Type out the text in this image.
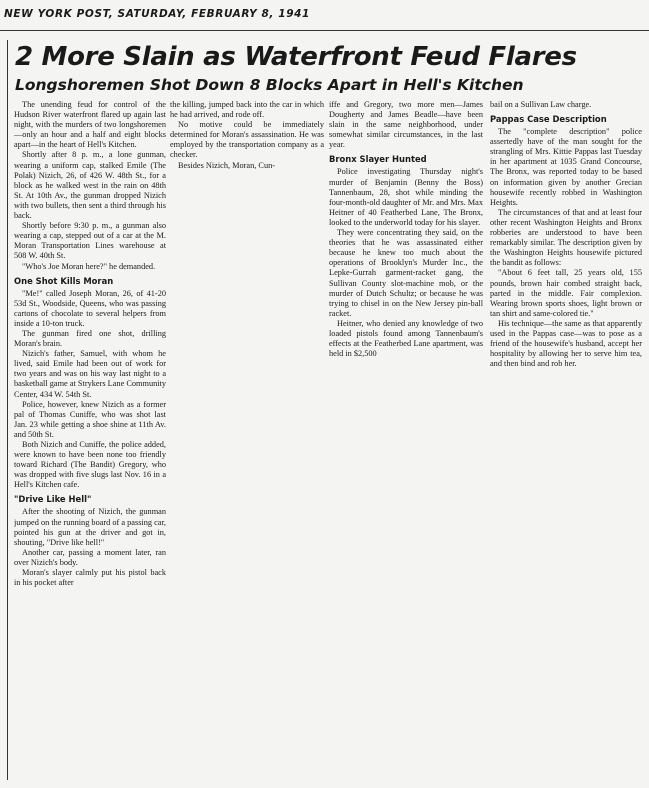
NEW YORK POST, SATURDAY, FEBRUARY 8, 1941
2 More Slain as Waterfront Feud Flares
Longshoremen Shot Down 8 Blocks Apart in Hell's Kitchen

The unending feud for control of the Hudson River waterfront flared up again last night, with the murders of two longshoremen—only an hour and a half and eight blocks apart—in the heart of Hell's Kitchen.

Shortly after 8 p. m., a lone gunman, wearing a uniform cap, stalked Emile (The Polak) Nizich, 26, of 426 W. 48th St., for a block as he walked west in the rain on 48th St. At 10th Av., the gunman dropped Nizich with two bullets, then sent a third through his back.

Shortly before 9:30 p. m., a gunman also wearing a cap, stepped out of a car at the M. Moran Transportation Lines warehouse at 508 W. 40th St.

"Who's Joe Moran here?" he demanded.

One Shot Kills Moran

"Me!" called Joseph Moran, 26, of 41-20 53d St., Woodside, Queens, who was passing cartons of chocolate to several helpers from inside a 10-ton truck.

The gunman fired one shot, drilling Moran's brain.

Nizich's father, Samuel, with whom he lived, said Emile had been out of work for two years and was on his way last night to a basketball game at Strykers Lane Community Center, 434 W. 54th St.

Police, however, knew Nizich as a former pal of Thomas Cuniffe, who was shot last Jan. 23 while getting a shoe shine at 11th Av. and 50th St.

Both Nizich and Cuniffe, the police added, were known to have been none too friendly toward Richard (The Bandit) Gregory, who was dropped with five slugs last Nov. 16 in a Hell's Kitchen cafe.

"Drive Like Hell"

After the shooting of Nizich, the gunman jumped on the running board of a passing car, pointed his gun at the driver and got in, shouting, "Drive like hell!"

Another car, passing a moment later, ran over Nizich's body.

Moran's slayer calmly put his pistol back in his pocket after

the killing, jumped back into the car in which he had arrived, and rode off.

No motive could be immediately determined for Moran's assassination. He was employed by the transportation company as a checker.

Besides Nizich, Moran, Cun-

iffe and Gregory, two more men—James Dougherty and James Beadle—have been slain in the same neighborhood, under somewhat similar circumstances, in the last year.

Bronx Slayer Hunted

Police investigating Thursday night's murder of Benjamin (Benny the Boss) Tannenbaum, 28, shot while minding the four-month-old daughter of Mr. and Mrs. Max Heitner of 40 Featherbed Lane, The Bronx, looked to the underworld today for his slayer.

They were concentrating they said, on the theories that he was assassinated either because he knew too much about the operations of Brooklyn's Murder Inc., the Lepke-Gurrah garment-racket gang, the Sullivan County slot-machine mob, or the murder of Dutch Schultz; or because he was trying to chisel in on the New Jersey pin-ball racket.

Heitner, who denied any knowledge of two loaded pistols found among Tannenbaum's effects at the Featherbed Lane apartment, was held in $2,500

bail on a Sullivan Law charge.

Pappas Case Description

The "complete description" police assertedly have of the man sought for the strangling of Mrs. Kittie Pappas last Tuesday in her apartment at 1035 Grand Concourse, The Bronx, was reported today to be based on information given by another Grecian housewife recently robbed in Washington Heights.

The circumstances of that and at least four other recent Washington Heights and Bronx robberies are understood to have been remarkably similar. The description given by the Washington Heights housewife pictured the bandit as follows:

"About 6 feet tall, 25 years old, 155 pounds, brown hair combed straight back, parted in the middle. Fair complexion. Wearing brown sports shoes, light brown or tan shirt and same-colored tie."

His technique—the same as that apparently used in the Pappas case—was to pose as a friend of the housewife's husband, accept her hospitality by allowing her to serve him tea, and then bind and rob her.
